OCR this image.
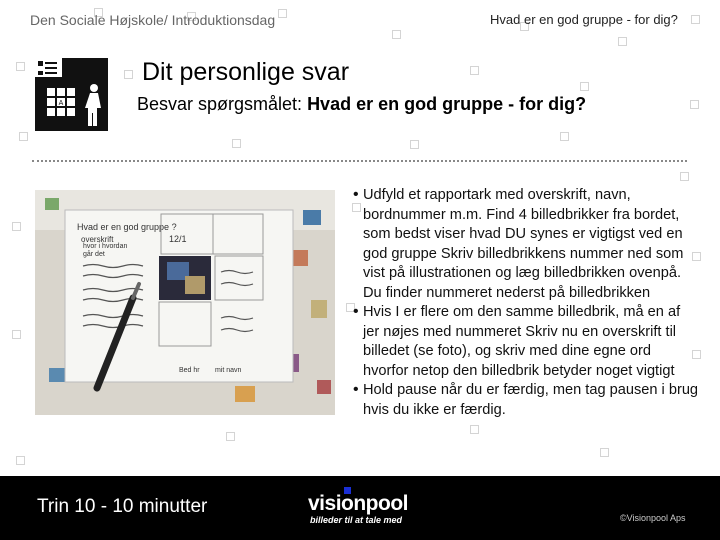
Den Sociale Højskole/ Introduktionsdag	Hvad er en god gruppe - for dig?
A
Dit personlige svar
Besvar spørgsmålet: Hvad er en god gruppe - for dig?
Hvad er en god gruppe ?
overskrift
hvor i hvordan
går det
12/1
Bed hr mit navn
• Udfyld et rapportark med overskrift, navn, bordnummer m.m. Find 4 billedbrikker fra bordet, som bedst viser hvad DU synes er vigtigst ved en god gruppe Skriv billedbrikkens nummer ned som vist på illustrationen og læg billedbrikken ovenpå. Du finder nummeret nederst på billedbrikken
• Hvis I er flere om den samme billedbrik, må en af jer nøjes med nummeret Skriv nu en overskrift til billedet (se foto), og skriv med dine egne ord hvorfor netop den billedbrik betyder noget vigtigt
• Hold pause når du er færdig, men tag pausen i brug hvis du ikke er færdig.
Trin 10 - 10 minutter	visionpool
billeder til at tale med	©Visionpool Aps
